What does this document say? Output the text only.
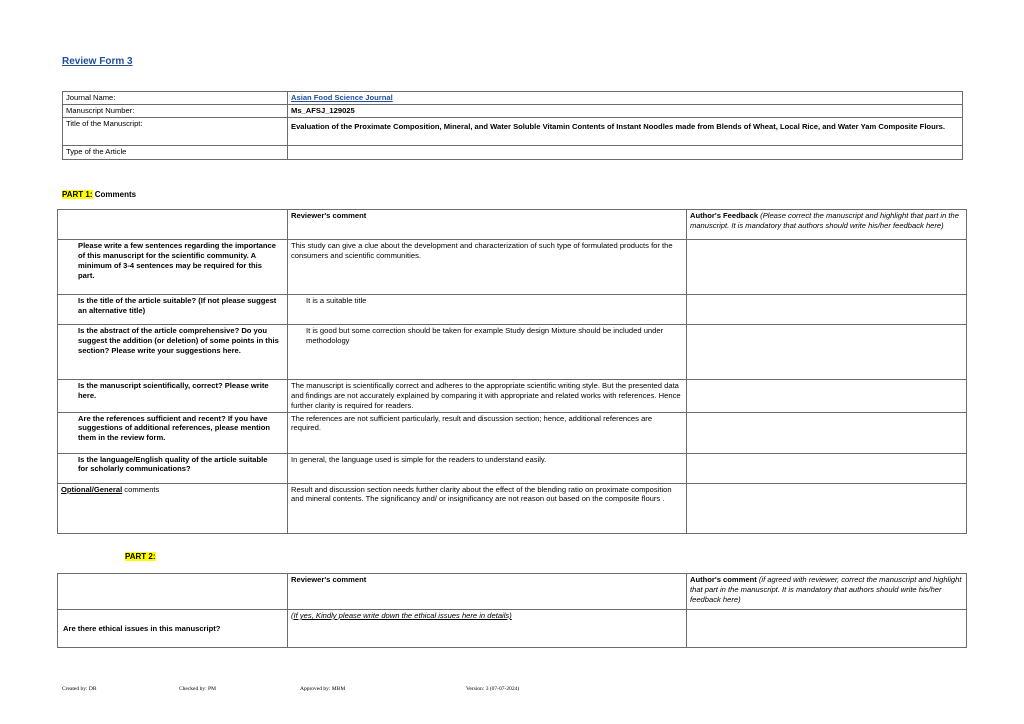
Review Form 3
Journal Name:	Asian Food Science Journal
Manuscript Number:	Ms_AFSJ_129025
Title of the Manuscript:	Evaluation of the Proximate Composition, Mineral, and Water Soluble Vitamin Contents of Instant Noodles made from Blends of Wheat, Local Rice, and Water Yam Composite Flours.
Type of the Article	
PART 1: Comments
	Reviewer's comment	Author's Feedback (Please correct the manuscript and highlight that part in the manuscript. It is mandatory that authors should write his/her feedback here)
Please write a few sentences regarding the importance of this manuscript for the scientific community. A minimum of 3-4 sentences may be required for this part.	This study can give a clue about the development and characterization of such type of formulated products for the consumers and scientific communities.	
Is the title of the article suitable? (If not please suggest an alternative title)	It is a suitable title	
Is the abstract of the article comprehensive? Do you suggest the addition (or deletion) of some points in this section? Please write your suggestions here.	It is good but some correction should be taken for example Study design Mixture should be included under methodology	
Is the manuscript scientifically, correct? Please write here.	The manuscript is scientifically correct and adheres to the appropriate scientific writing style. But the presented data and findings are not accurately explained by comparing it with appropriate and related works with references. Hence further clarity is required for readers.	
Are the references sufficient and recent? If you have suggestions of additional references, please mention them in the review form.	The references are not sufficient particularly, result and discussion section; hence, additional references are required.	
Is the language/English quality of the article suitable for scholarly communications?	In general, the language used is simple for the readers to understand easily.	
Optional/General comments	Result and discussion section needs further clarity about the effect of the blending ratio on proximate composition and mineral contents. The significancy and/ or insignificancy are not reason out based on the composite flours .	
PART 2:
	Reviewer's comment	Author's comment (if agreed with reviewer, correct the manuscript and highlight that part in the manuscript. It is mandatory that authors should write his/her feedback here)
Are there ethical issues in this manuscript?	(If yes, Kindly please write down the ethical issues here in details)	
Created by: DR	Checked by: PM	Approved by: MBM	Version: 3 (07-07-2024)
